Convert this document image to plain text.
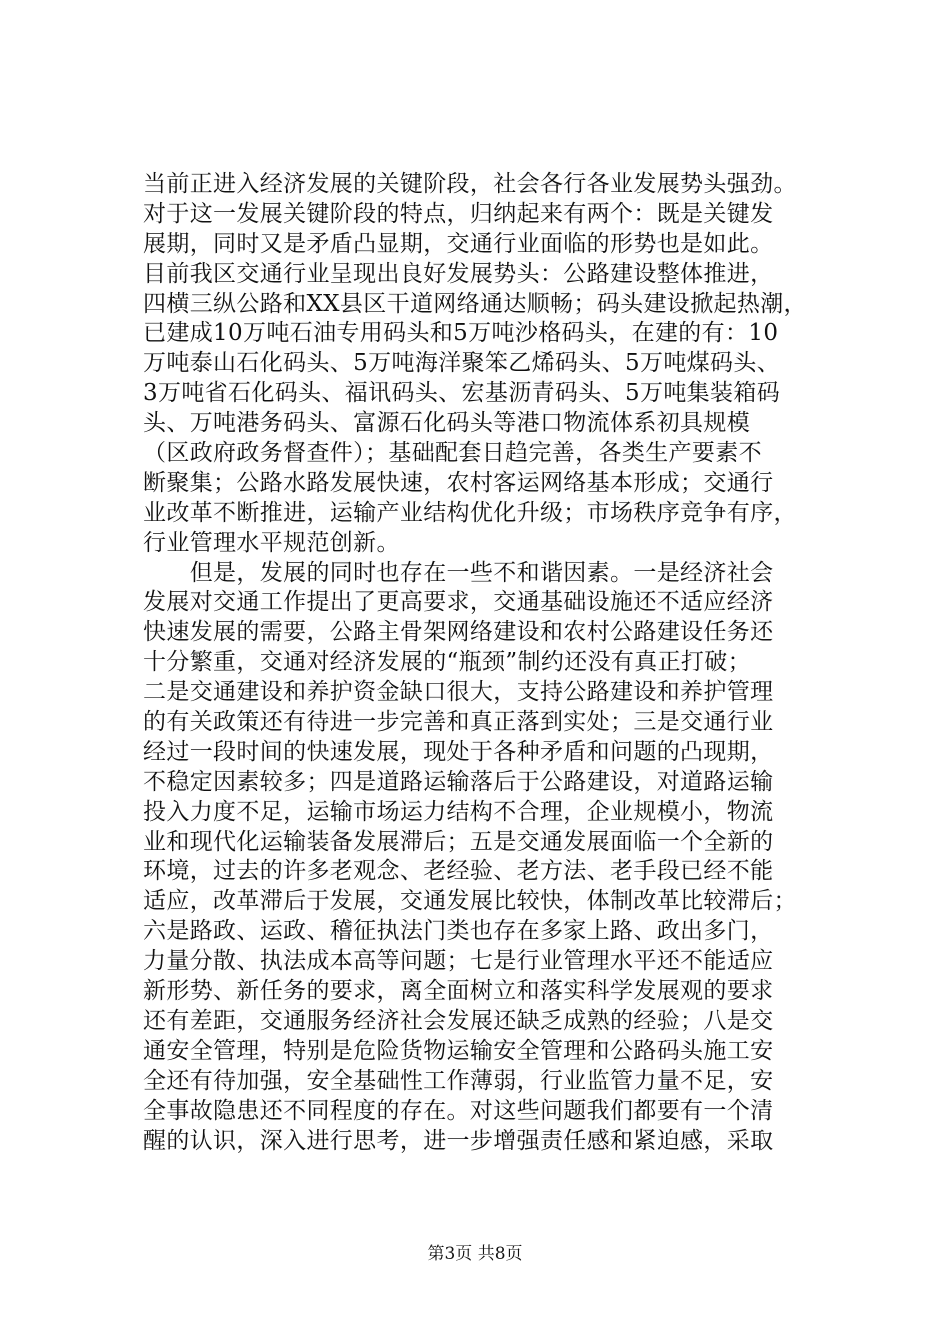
当前正进入经济发展的关键阶段，社会各行各业发展势头强劲。
对于这一发展关键阶段的特点，归纳起来有两个：既是关键发
展期，同时又是矛盾凸显期，交通行业面临的形势也是如此。
目前我区交通行业呈现出良好发展势头：公路建设整体推进，
四横三纵公路和XX县区干道网络通达顺畅；码头建设掀起热潮，
已建成10万吨石油专用码头和5万吨沙格码头，在建的有：10
万吨泰山石化码头、5万吨海洋聚笨乙烯码头、5万吨煤码头、
3万吨省石化码头、福讯码头、宏基沥青码头、5万吨集装箱码
头、万吨港务码头、富源石化码头等港口物流体系初具规模
（区政府政务督查件）；基础配套日趋完善，各类生产要素不
断聚集；公路水路发展快速，农村客运网络基本形成；交通行
业改革不断推进，运输产业结构优化升级；市场秩序竞争有序，
行业管理水平规范创新。
　　但是，发展的同时也存在一些不和谐因素。一是经济社会
发展对交通工作提出了更高要求，交通基础设施还不适应经济
快速发展的需要，公路主骨架网络建设和农村公路建设任务还
十分繁重，交通对经济发展的“瓶颈”制约还没有真正打破；
二是交通建设和养护资金缺口很大，支持公路建设和养护管理
的有关政策还有待进一步完善和真正落到实处；三是交通行业
经过一段时间的快速发展，现处于各种矛盾和问题的凸现期，
不稳定因素较多；四是道路运输落后于公路建设，对道路运输
投入力度不足，运输市场运力结构不合理，企业规模小，物流
业和现代化运输装备发展滞后；五是交通发展面临一个全新的
环境，过去的许多老观念、老经验、老方法、老手段已经不能
适应，改革滞后于发展，交通发展比较快，体制改革比较滞后；
六是路政、运政、稽征执法门类也存在多家上路、政出多门，
力量分散、执法成本高等问题；七是行业管理水平还不能适应
新形势、新任务的要求，离全面树立和落实科学发展观的要求
还有差距，交通服务经济社会发展还缺乏成熟的经验；八是交
通安全管理，特别是危险货物运输安全管理和公路码头施工安
全还有待加强，安全基础性工作薄弱，行业监管力量不足，安
全事故隐患还不同程度的存在。对这些问题我们都要有一个清
醒的认识，深入进行思考，进一步增强责任感和紧迫感，采取
第3页 共8页
